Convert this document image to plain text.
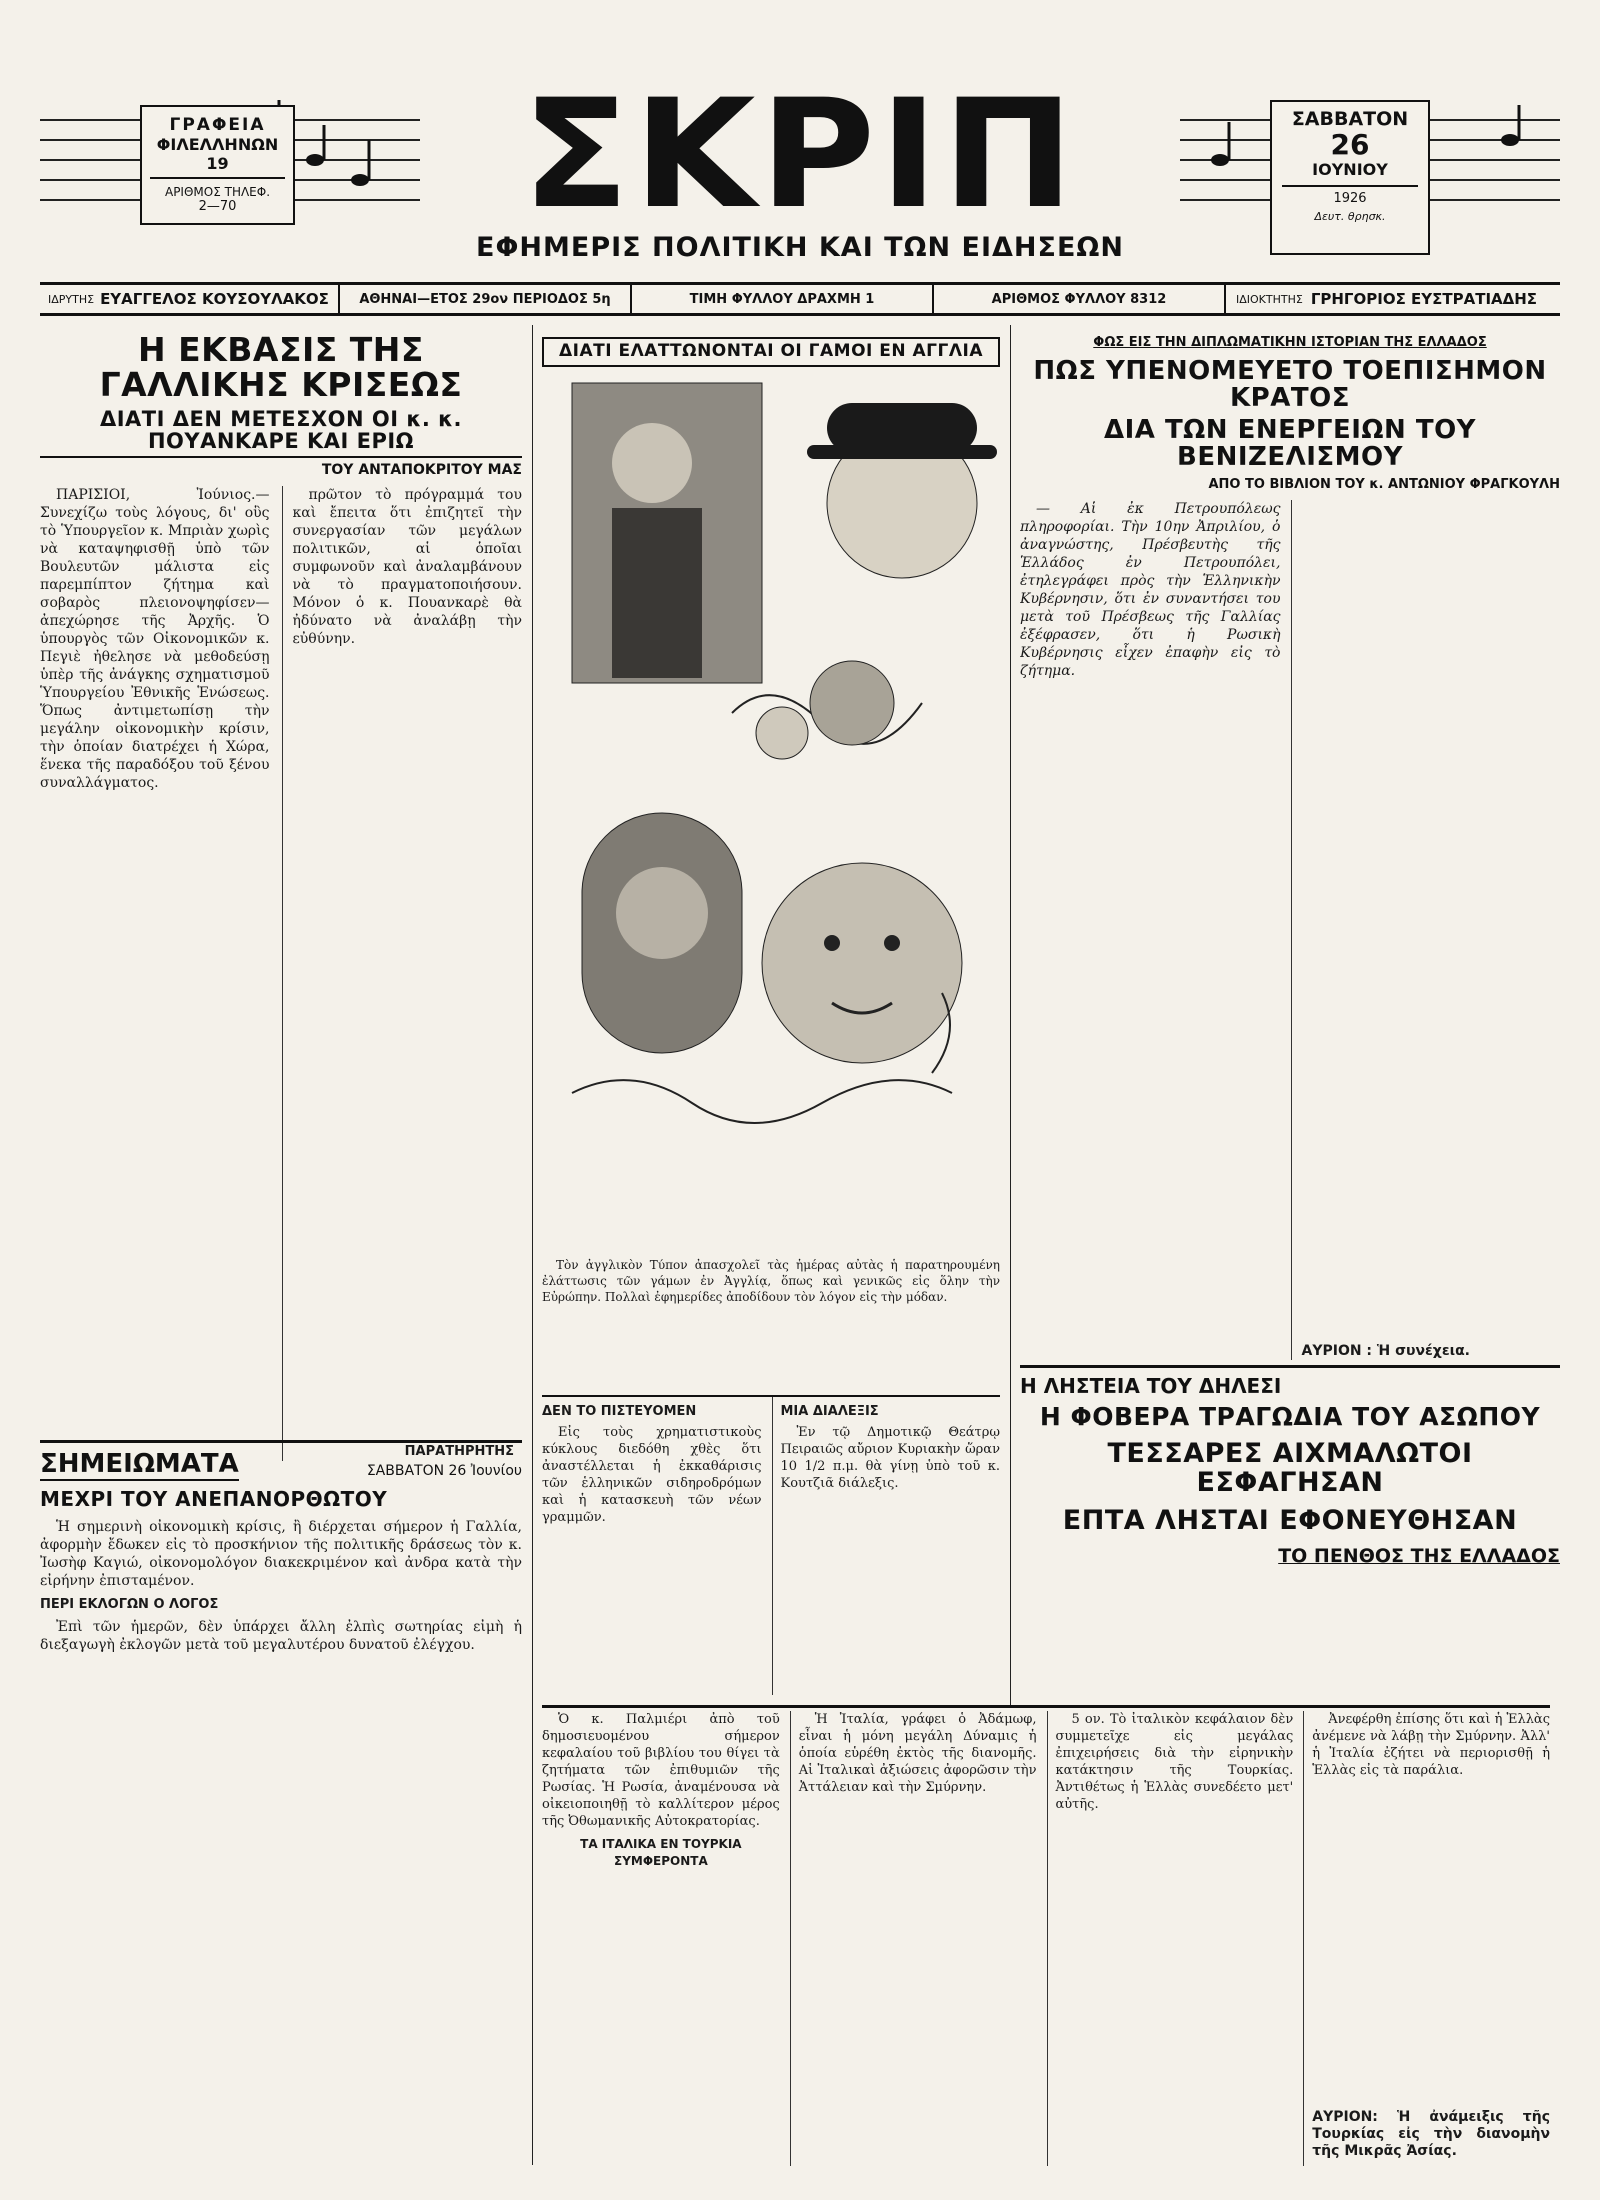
ΓΡΑΦΕΙΑ
ΦΙΛΕΛΛΗΝΩΝ 19
ΑΡΙΘΜΟΣ ΤΗΛΕΦ.
2—70	ΣΚΡΙΠ
ΕΦΗΜΕΡΙΣ ΠΟΛΙΤΙΚΗ ΚΑΙ ΤΩΝ ΕΙΔΗΣΕΩΝ
ΣΑΒΒΑΤΟΝ
26
ΙΟΥΝΙΟΥ
1926
Δευτ. θρησκ.
ΙΔΡΥΤΗΣ ΕΥΑΓΓΕΛΟΣ ΚΟΥΣΟΥΛΑΚΟΣ	ΑΘΗΝΑΙ—ΕΤΟΣ 29ον ΠΕΡΙΟΔΟΣ 5η	ΤΙΜΗ ΦΥΛΛΟΥ ΔΡΑΧΜΗ 1	ΑΡΙΘΜΟΣ ΦΥΛΛΟΥ 8312	ΙΔΙΟΚΤΗΤΗΣ ΓΡΗΓΟΡΙΟΣ ΕΥΣΤΡΑΤΙΑΔΗΣ
Η ΕΚΒΑΣΙΣ ΤΗΣ ΓΑΛΛΙΚΗΣ ΚΡΙΣΕΩΣ
ΔΙΑΤΙ ΔΕΝ ΜΕΤΕΣΧΟΝ ΟΙ κ. κ. ΠΟΥΑΝΚΑΡΕ ΚΑΙ ΕΡΙΩ
ΤΟΥ ΑΝΤΑΠΟΚΡΙΤΟΥ ΜΑΣ

ΠΑΡΙΣΙΟΙ, Ἰούνιος.—Συνεχίζω τοὺς λόγους, δι' οὓς τὸ Ὑπουργεῖον κ. Μπριὰν χωρὶς νὰ καταψηφισθῇ ὑπὸ τῶν Βουλευτῶν μάλιστα εἰς παρεμπίπτον ζήτημα καὶ σοβαρὸς πλειονοψηφίσεν—ἀπεχώρησε τῆς Ἀρχῆς. Ὁ ὑπουργὸς τῶν Οἰκονομικῶν κ. Πεγιὲ ἠθελησε νὰ μεθοδεύσῃ ὑπὲρ τῆς ἀνάγκης σχηματισμοῦ Ὑπουργείου Ἐθνικῆς Ἑνώσεως. Ὅπως ἀντιμετωπίσῃ τὴν μεγάλην οἰκονομικὴν κρίσιν, τὴν ὁποίαν διατρέχει ἡ Χώρα, ἕνεκα τῆς παραδόξου τοῦ ξένου συναλλάγματος.

πρῶτον τὸ πρόγραμμά του καὶ ἔπειτα ὅτι ἐπιζητεῖ τὴν συνεργασίαν τῶν μεγάλων πολιτικῶν, αἱ ὁποῖαι συμφωνοῦν καὶ ἀναλαμβάνουν νὰ τὸ πραγματοποιήσουν. Μόνον ὁ κ. Πουανκαρὲ θὰ ἠδύνατο νὰ ἀναλάβῃ τὴν εὐθύνην.

ΠΑΡΑΤΗΡΗΤΗΣ
ΣΗΜΕΙΩΜΑΤΑ	ΣΑΒΒΑΤΟΝ 26 Ἰουνίου
ΜΕΧΡΙ ΤΟΥ ΑΝΕΠΑΝΟΡΘΩΤΟΥ

Ἡ σημερινὴ οἰκονομικὴ κρίσις, ἢ διέρχεται σήμερον ἡ Γαλλία, ἀφορμὴν ἔδωκεν εἰς τὸ προσκήνιον τῆς πολιτικῆς δράσεως τὸν κ. Ἰωσὴφ Καγιώ, οἰκονομολόγον διακεκριμένον καὶ ἀνδρα κατὰ τὴν εἰρήνην ἐπισταμένον.

ΠΕΡΙ ΕΚΛΟΓΩΝ Ο ΛΟΓΟΣ

Ἐπὶ τῶν ἡμερῶν, δὲν ὑπάρχει ἄλλη ἐλπὶς σωτηρίας εἰμὴ ἡ διεξαγωγὴ ἐκλογῶν μετὰ τοῦ μεγαλυτέρου δυνατοῦ ἐλέγχου.

ΔΙΑΤΙ ΕΛΑΤΤΩΝΟΝΤΑΙ ΟΙ ΓΑΜΟΙ ΕΝ ΑΓΓΛΙΑ
Τὸν ἀγγλικὸν Τύπον ἀπασχολεῖ τὰς ἡμέρας αὐτὰς ἡ παρατηρουμένη ἐλάττωσις τῶν γάμων ἐν Ἀγγλίᾳ, ὅπως καὶ γενικῶς εἰς ὅλην τὴν Εὐρώπην. Πολλαὶ ἐφημερίδες ἀποδίδουν τὸν λόγον εἰς τὴν μόδαν.
ΔΕΝ ΤΟ ΠΙΣΤΕΥΟΜΕΝ

Εἰς τοὺς χρηματιστικοὺς κύκλους διεδόθη χθὲς ὅτι ἀναστέλλεται ἡ ἐκκαθάρισις τῶν ἑλληνικῶν σιδηροδρόμων καὶ ἡ κατασκευὴ τῶν νέων γραμμῶν.

ΜΙΑ ΔΙΑΛΕΞΙΣ

Ἐν τῷ Δημοτικῷ Θεάτρῳ Πειραιῶς αὔριον Κυριακὴν ὥραν 10 1/2 π.μ. θὰ γίνῃ ὑπὸ τοῦ κ. Κουτζιᾶ διάλεξις.

Ὁ κ. Παλμιέρι ἀπὸ τοῦ δημοσιευομένου σήμερον κεφαλαίου τοῦ βιβλίου του θίγει τὰ ζητήματα τῶν ἐπιθυμιῶν τῆς Ρωσίας. Ἡ Ρωσία, ἀναμένουσα νὰ οἰκειοποιηθῇ τὸ καλλίτερον μέρος τῆς Ὀθωμανικῆς Αὐτοκρατορίας.

ΤΑ ΙΤΑΛΙΚΑ ΕΝ ΤΟΥΡΚΙΑ ΣΥΜΦΕΡΟΝΤΑ

Ἡ Ἰταλία, γράφει ὁ Ἀδάμωφ, εἶναι ἡ μόνη μεγάλη Δύναμις ἡ ὁποία εὑρέθη ἐκτὸς τῆς διανομῆς. Αἱ Ἰταλικαὶ ἀξιώσεις ἀφορῶσιν τὴν Ἀττάλειαν καὶ τὴν Σμύρνην.

5 ον. Τὸ ἰταλικὸν κεφάλαιον δὲν συμμετεῖχε εἰς μεγάλας ἐπιχειρήσεις διὰ τὴν εἰρηνικὴν κατάκτησιν τῆς Τουρκίας. Ἀντιθέτως ἡ Ἑλλὰς συνεδέετο μετ' αὐτῆς.

Ἀνεφέρθη ἐπίσης ὅτι καὶ ἡ Ἑλλὰς ἀνέμενε νὰ λάβῃ τὴν Σμύρνην. Ἀλλ' ἡ Ἰταλία ἐζήτει νὰ περιορισθῇ ἡ Ἑλλὰς εἰς τὰ παράλια.

ΑΥΡΙΟΝ: Ἡ ἀνάμειξις τῆς Τουρκίας εἰς τὴν διανομὴν τῆς Μικρᾶς Ἀσίας.
ΦΩΣ ΕΙΣ ΤΗΝ ΔΙΠΛΩΜΑΤΙΚΗΝ ΙΣΤΟΡΙΑΝ ΤΗΣ ΕΛΛΑΔΟΣ
ΠΩΣ ΥΠΕΝΟΜΕΥΕΤΟ ΤΟΕΠΙΣΗΜΟΝ ΚΡΑΤΟΣ
ΔΙΑ ΤΩΝ ΕΝΕΡΓΕΙΩΝ ΤΟΥ ΒΕΝΙΖΕΛΙΣΜΟΥ
ΑΠΟ ΤΟ ΒΙΒΛΙΟΝ ΤΟΥ κ. ΑΝΤΩΝΙΟΥ ΦΡΑΓΚΟΥΛΗ

— Αἱ ἐκ Πετρουπόλεως πληροφορίαι. Τὴν 10ην Ἀπριλίου, ὁ ἀναγνώστης, Πρέσβευτὴς τῆς Ἑλλάδος ἐν Πετρουπόλει, ἐτηλεγράφει πρὸς τὴν Ἑλληνικὴν Κυβέρνησιν, ὅτι ἐν συναντήσει του μετὰ τοῦ Πρέσβεως τῆς Γαλλίας ἐξέφρασεν, ὅτι ἡ Ρωσικὴ Κυβέρνησις εἶχεν ἐπαφὴν εἰς τὸ ζήτημα.

ΑΥΡΙΟΝ : Ἡ συνέχεια.
Η ΛΗΣΤΕΙΑ ΤΟΥ ΔΗΛΕΣΙ
Η ΦΟΒΕΡΑ ΤΡΑΓΩΔΙΑ ΤΟΥ ΑΣΩΠΟΥ
ΤΕΣΣΑΡΕΣ ΑΙΧΜΑΛΩΤΟΙ ΕΣΦΑΓΗΣΑΝ
ΕΠΤΑ ΛΗΣΤΑΙ ΕΦΟΝΕΥΘΗΣΑΝ
ΤΟ ΠΕΝΘΟΣ ΤΗΣ ΕΛΛΑΔΟΣ
